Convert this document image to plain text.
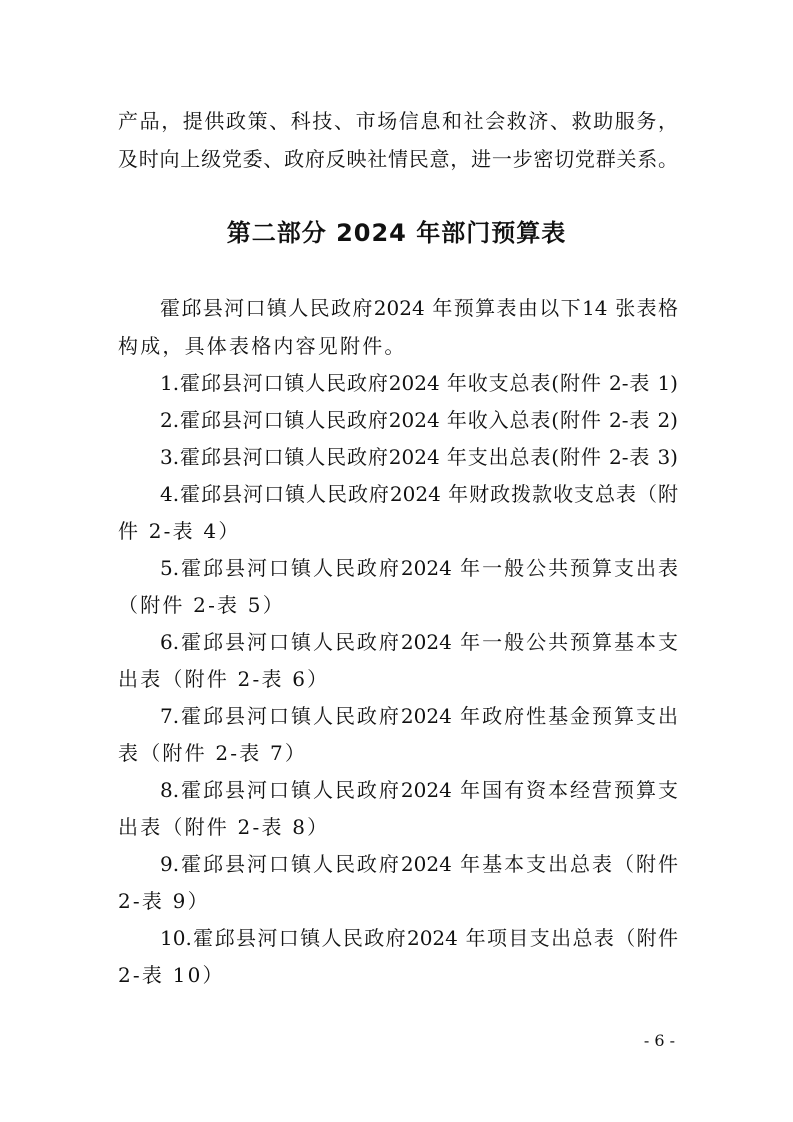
产品，提供政策、科技、市场信息和社会救济、救助服务，
及时向上级党委、政府反映社情民意，进一步密切党群关系。
第二部分 2024 年部门预算表
霍邱县河口镇人民政府2024 年预算表由以下14 张表格
构成，具体表格内容见附件。
1.霍邱县河口镇人民政府2024 年收支总表(附件 2-表 1)
2.霍邱县河口镇人民政府2024 年收入总表(附件 2-表 2)
3.霍邱县河口镇人民政府2024 年支出总表(附件 2-表 3)
4.霍邱县河口镇人民政府2024 年财政拨款收支总表（附
件 2-表 4）
5.霍邱县河口镇人民政府2024 年一般公共预算支出表
（附件 2-表 5）
6.霍邱县河口镇人民政府2024 年一般公共预算基本支
出表（附件 2-表 6）
7.霍邱县河口镇人民政府2024 年政府性基金预算支出
表（附件 2-表 7）
8.霍邱县河口镇人民政府2024 年国有资本经营预算支
出表（附件 2-表 8）
9.霍邱县河口镇人民政府2024 年基本支出总表（附件
2-表 9）
10.霍邱县河口镇人民政府2024 年项目支出总表（附件
2-表 10）
- 6 -
